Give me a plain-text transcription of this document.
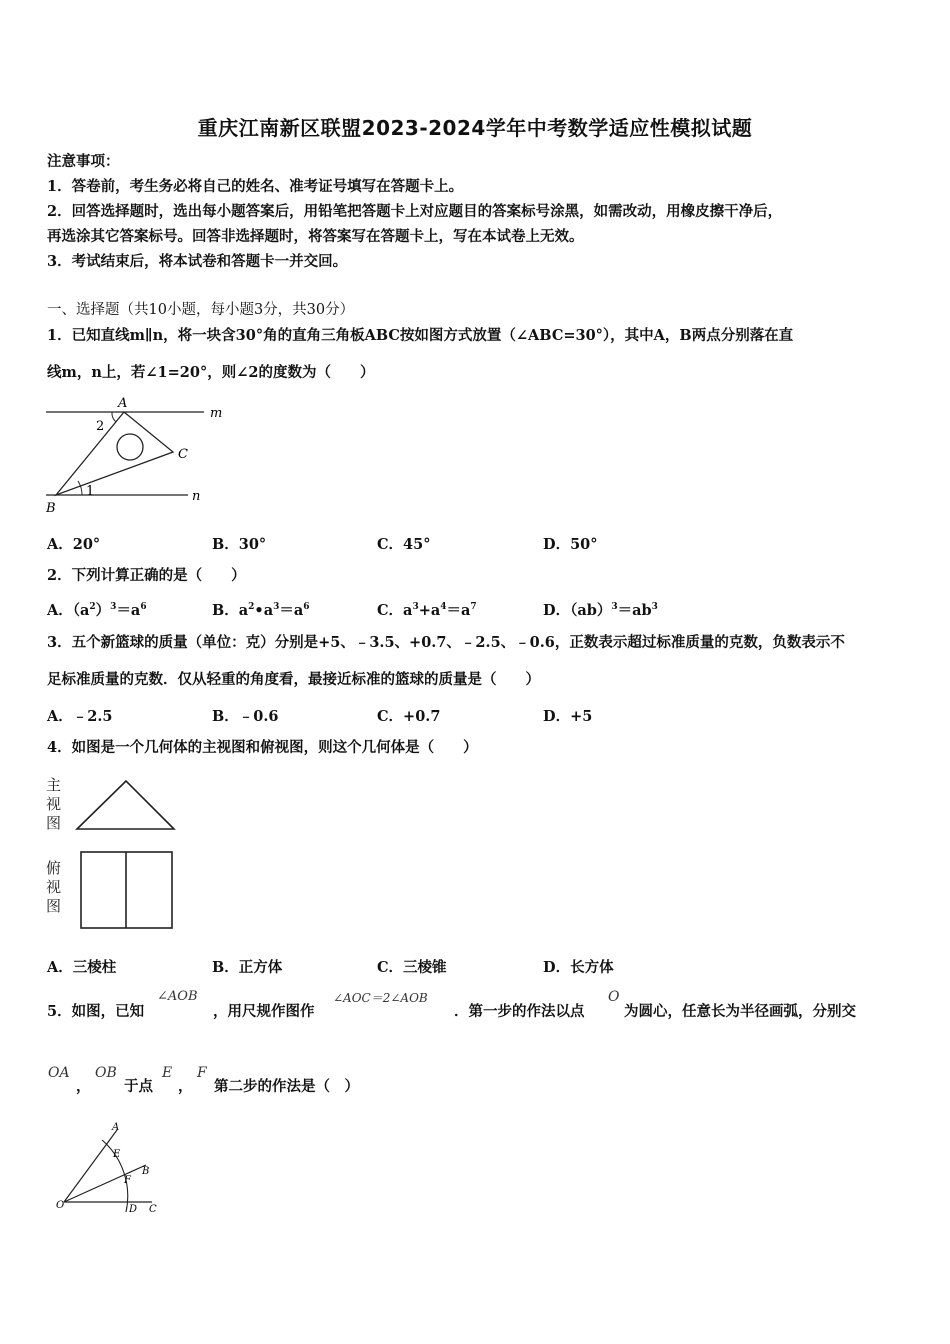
重庆江南新区联盟2023-2024学年中考数学适应性模拟试题
注意事项：
1．答卷前，考生务必将自己的姓名、准考证号填写在答题卡上。
2．回答选择题时，选出每小题答案后，用铅笔把答题卡上对应题目的答案标号涂黑，如需改动，用橡皮擦干净后，
再选涂其它答案标号。回答非选择题时，将答案写在答题卡上，写在本试卷上无效。
3．考试结束后，将本试卷和答题卡一并交回。
一、选择题（共10小题，每小题3分，共30分）
1．已知直线m∥n，将一块含30°角的直角三角板ABC按如图方式放置（∠ABC=30°），其中A，B两点分别落在直
线m，n上，若∠1=20°，则∠2的度数为（　　）
A
B
C
m
n
1
2
A．20°	B．30°	C．45°	D．50°
2．下列计算正确的是（　　）
A．$(a^2)^3=a^6$	B．$a^2•a^3=a^6$	C．$a^3+a^4=a^7$	D．$(ab)^3=ab^3$
3．五个新篮球的质量（单位：克）分别是+5、﹣3.5、+0.7、﹣2.5、﹣0.6，正数表示超过标准质量的克数，负数表示不
足标准质量的克数．仅从轻重的角度看，最接近标准的篮球的质量是（　　）
A．﹣2.5	B．﹣0.6	C．+0.7	D．+5
4．如图是一个几何体的主视图和俯视图，则这个几何体是（　　）
主
视
图
俯
视
图
A．三棱柱	B．正方体	C．三棱锥	D．长方体
5．如图，已知
∠AOB
，用尺规作图作
∠AOC＝2∠AOB
．第一步的作法以点
O
为圆心，任意长为半径画弧，分别交
OA
，
OB
于点
E
，
F
第二步的作法是（　）
A
B
C
D
E
F
O
